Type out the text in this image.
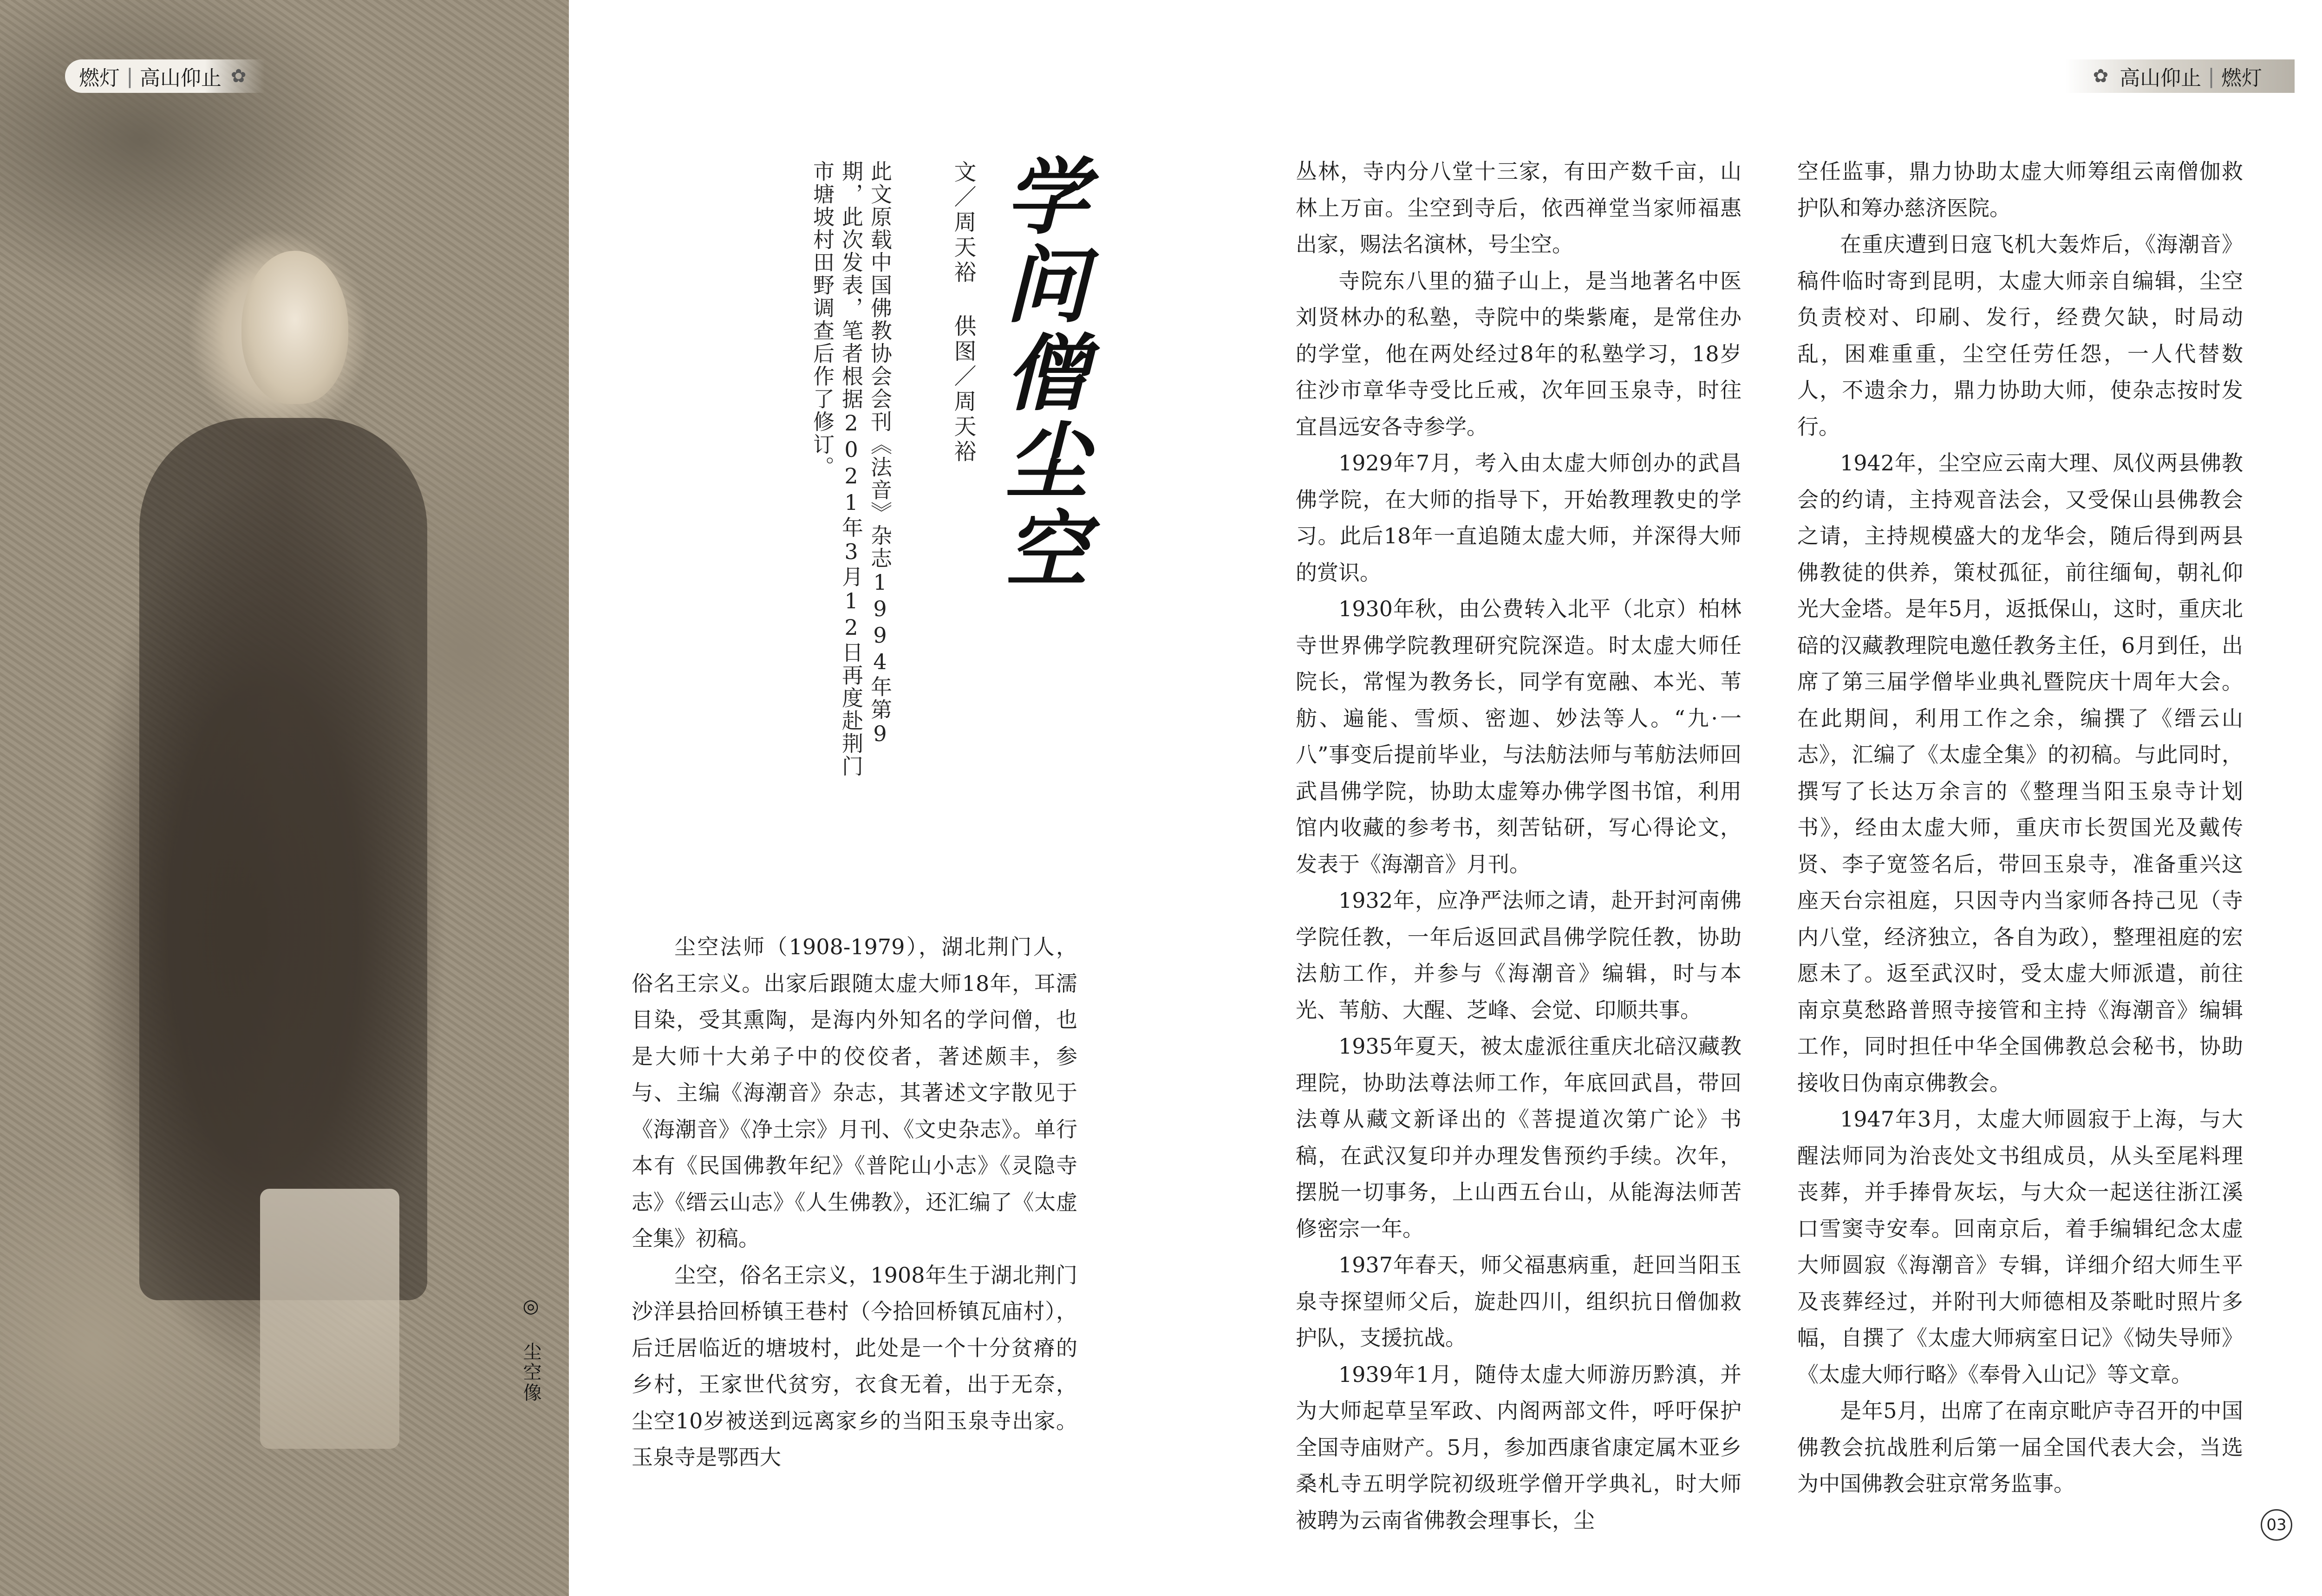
燃灯 | 高山仰止 ✿	✿ 高山仰止 | 燃灯
学问僧尘空
文／周天裕 供图／周天裕
此文原载中国佛教协会会刊《法音》杂志1994年第9期，此次发表，笔者根据2021年3月12日再度赴荆门市塘坡村田野调查后作了修订。
◎ 尘空像

尘空法师（1908-1979），湖北荆门人，俗名王宗义。出家后跟随太虚大师18年，耳濡目染，受其熏陶，是海内外知名的学问僧，也是大师十大弟子中的佼佼者，著述颇丰，参与、主编《海潮音》杂志，其著述文字散见于《海潮音》《净土宗》月刊、《文史杂志》。单行本有《民国佛教年纪》《普陀山小志》《灵隐寺志》《缙云山志》《人生佛教》，还汇编了《太虚全集》初稿。

尘空，俗名王宗义，1908年生于湖北荆门沙洋县拾回桥镇王巷村（今拾回桥镇瓦庙村），后迁居临近的塘坡村，此处是一个十分贫瘠的乡村，王家世代贫穷，衣食无着，出于无奈，尘空10岁被送到远离家乡的当阳玉泉寺出家。玉泉寺是鄂西大

丛林，寺内分八堂十三家，有田产数千亩，山林上万亩。尘空到寺后，依西禅堂当家师福惠出家，赐法名演林，号尘空。

寺院东八里的猫子山上，是当地著名中医刘贤林办的私塾，寺院中的柴紫庵，是常住办的学堂，他在两处经过8年的私塾学习，18岁往沙市章华寺受比丘戒，次年回玉泉寺，时往宜昌远安各寺参学。

1929年7月，考入由太虚大师创办的武昌佛学院，在大师的指导下，开始教理教史的学习。此后18年一直追随太虚大师，并深得大师的赏识。

1930年秋，由公费转入北平（北京）柏林寺世界佛学院教理研究院深造。时太虚大师任院长，常惺为教务长，同学有宽融、本光、苇舫、遍能、雪烦、密迦、妙法等人。“九·一八”事变后提前毕业，与法舫法师与苇舫法师回武昌佛学院，协助太虚筹办佛学图书馆，利用馆内收藏的参考书，刻苦钻研，写心得论文，发表于《海潮音》月刊。

1932年，应净严法师之请，赴开封河南佛学院任教，一年后返回武昌佛学院任教，协助法舫工作，并参与《海潮音》编辑，时与本光、苇舫、大醒、芝峰、会觉、印顺共事。

1935年夏天，被太虚派往重庆北碚汉藏教理院，协助法尊法师工作，年底回武昌，带回法尊从藏文新译出的《菩提道次第广论》书稿，在武汉复印并办理发售预约手续。次年，摆脱一切事务，上山西五台山，从能海法师苦修密宗一年。

1937年春天，师父福惠病重，赶回当阳玉泉寺探望师父后，旋赴四川，组织抗日僧伽救护队，支援抗战。

1939年1月，随侍太虚大师游历黔滇，并为大师起草呈军政、内阁两部文件，呼吁保护全国寺庙财产。5月，参加西康省康定属木亚乡桑札寺五明学院初级班学僧开学典礼，时大师被聘为云南省佛教会理事长，尘

空任监事，鼎力协助太虚大师筹组云南僧伽救护队和筹办慈济医院。

在重庆遭到日寇飞机大轰炸后，《海潮音》稿件临时寄到昆明，太虚大师亲自编辑，尘空负责校对、印刷、发行，经费欠缺，时局动乱，困难重重，尘空任劳任怨，一人代替数人，不遗余力，鼎力协助大师，使杂志按时发行。

1942年，尘空应云南大理、凤仪两县佛教会的约请，主持观音法会，又受保山县佛教会之请，主持规模盛大的龙华会，随后得到两县佛教徒的供养，策杖孤征，前往缅甸，朝礼仰光大金塔。是年5月，返抵保山，这时，重庆北碚的汉藏教理院电邀任教务主任，6月到任，出席了第三届学僧毕业典礼暨院庆十周年大会。在此期间，利用工作之余，编撰了《缙云山志》，汇编了《太虚全集》的初稿。与此同时，撰写了长达万余言的《整理当阳玉泉寺计划书》，经由太虚大师，重庆市长贺国光及戴传贤、李子宽签名后，带回玉泉寺，准备重兴这座天台宗祖庭，只因寺内当家师各持己见（寺内八堂，经济独立，各自为政），整理祖庭的宏愿未了。返至武汉时，受太虚大师派遣，前往南京莫愁路普照寺接管和主持《海潮音》编辑工作，同时担任中华全国佛教总会秘书，协助接收日伪南京佛教会。

1947年3月，太虚大师圆寂于上海，与大醒法师同为治丧处文书组成员，从头至尾料理丧葬，并手捧骨灰坛，与大众一起送往浙江溪口雪窦寺安奉。回南京后，着手编辑纪念太虚大师圆寂《海潮音》专辑，详细介绍大师生平及丧葬经过，并附刊大师德相及荼毗时照片多幅，自撰了《太虚大师病室日记》《恸失导师》《太虚大师行略》《奉骨入山记》等文章。

是年5月，出席了在南京毗庐寺召开的中国佛教会抗战胜利后第一届全国代表大会，当选为中国佛教会驻京常务监事。

03
